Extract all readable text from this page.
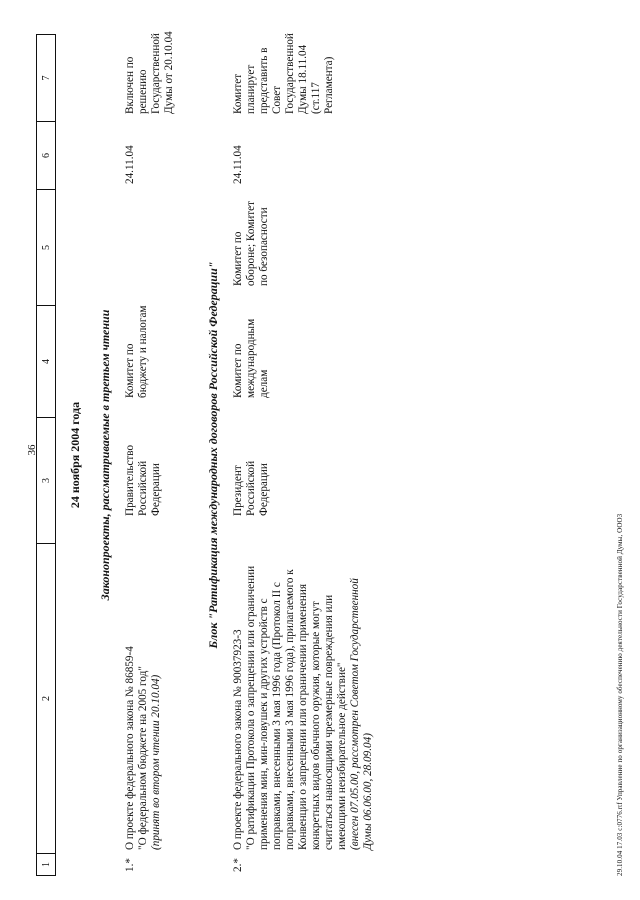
36
1
2
3
4
5
6
7
24 ноября 2004 года Законопроекты, рассматриваемые в третьем чтении
1.*
О проекте федерального закона № 86859-4 "О федеральном бюджете на 2005 год" (принят во втором чтении 20.10.04)
Правительство Российской Федерации
Комитет по бюджету и налогам
24.11.04
Включен по решению Государственной Думы от 20.10.04
Блок "Ратификация международных договоров Российской Федерации"
2.*
О проекте федерального закона № 90037923-3 "О ратификации Протокола о запрещении или ограничении применения мин, мин-ловушек и других устройств с поправками, внесенными 3 мая 1996 года (Протокол II с поправками, внесенными 3 мая 1996 года), прилагаемого к Конвенции о запрещении или ограничении применения конкретных видов обычного оружия, которые могут считаться наносящими чрезмерные повреждения или имеющими неизбирательное действие" (внесен 07.05.00, рассмотрен Советом Государственной Думы 06.06.00, 28.09.04)
Президент Российской Федерации
Комитет по международным делам
Комитет по обороне; Комитет по безопасности
24.11.04
Комитет планирует представить в Совет Государственной Думы 18.11.04 (ст.117 Регламента)
29.10.04 17.03 c:0776.rtf Управление по организационному обеспечению деятельности Государственной Думы, ООО3
